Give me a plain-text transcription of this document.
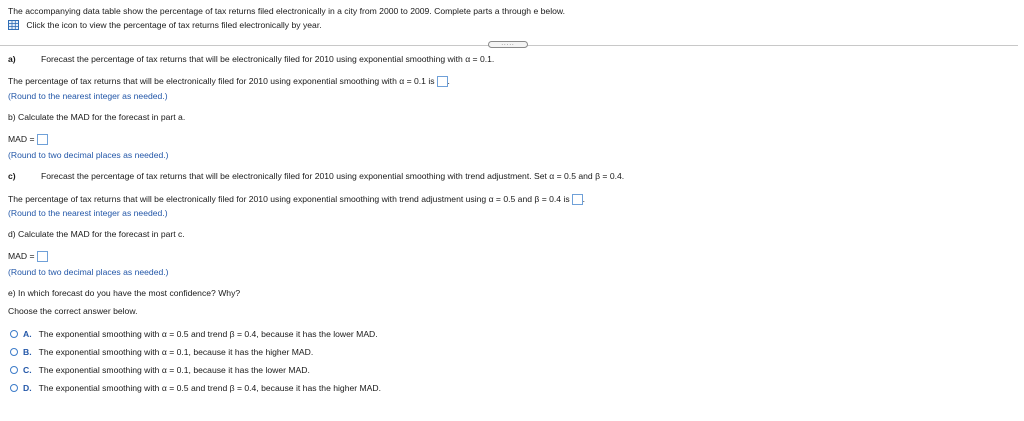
The accompanying data table show the percentage of tax returns filed electronically in a city from 2000 to 2009. Complete parts a through e below.
Click the icon to view the percentage of tax returns filed electronically by year.
.....
a)	Forecast the percentage of tax returns that will be electronically filed for 2010 using exponential smoothing with α = 0.1.
The percentage of tax returns that will be electronically filed for 2010 using exponential smoothing with α = 0.1 is .
(Round to the nearest integer as needed.)
b) Calculate the MAD for the forecast in part a.
MAD =
(Round to two decimal places as needed.)
c)	Forecast the percentage of tax returns that will be electronically filed for 2010 using exponential smoothing with trend adjustment. Set α = 0.5 and β = 0.4.
The percentage of tax returns that will be electronically filed for 2010 using exponential smoothing with trend adjustment using α = 0.5 and β = 0.4 is .
(Round to the nearest integer as needed.)
d) Calculate the MAD for the forecast in part c.
MAD =
(Round to two decimal places as needed.)
e) In which forecast do you have the most confidence? Why?
Choose the correct answer below.
A. The exponential smoothing with α = 0.5 and trend β = 0.4, because it has the lower MAD.
B. The exponential smoothing with α = 0.1, because it has the higher MAD.
C. The exponential smoothing with α = 0.1, because it has the lower MAD.
D. The exponential smoothing with α = 0.5 and trend β = 0.4, because it has the higher MAD.
